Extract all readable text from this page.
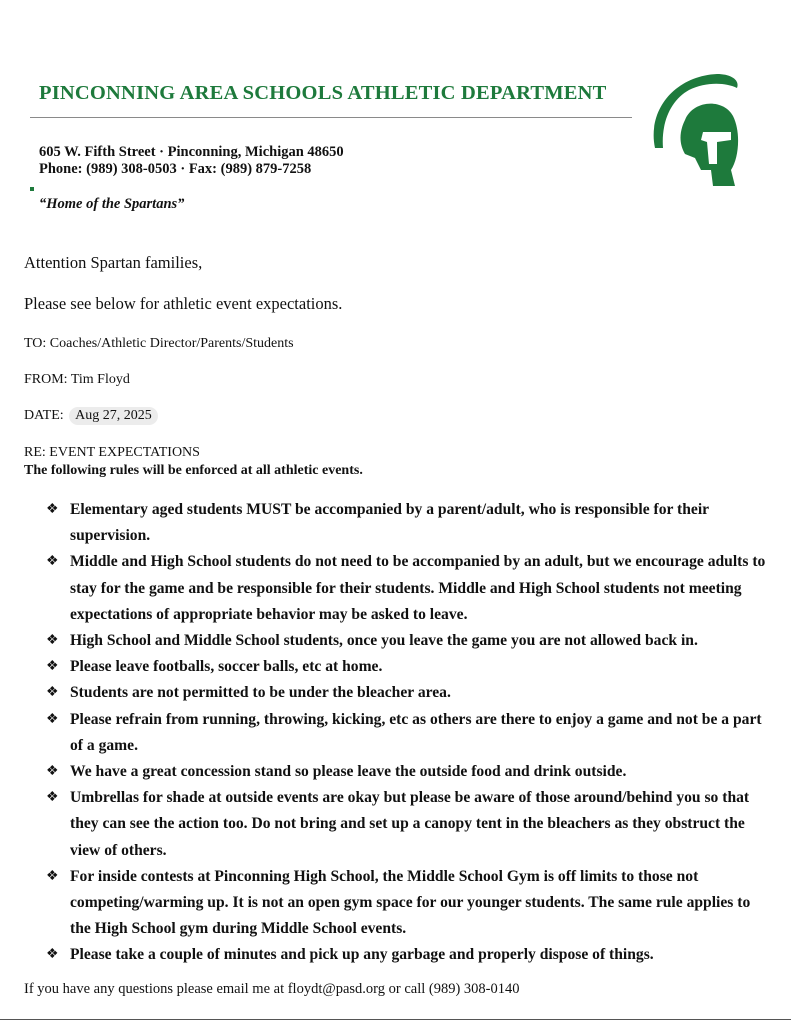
PINCONNING AREA SCHOOLS ATHLETIC DEPARTMENT
605 W. Fifth Street · Pinconning, Michigan 48650
Phone: (989) 308-0503 · Fax: (989) 879-7258
“Home of the Spartans”
Attention Spartan families,
Please see below for athletic event expectations.
TO: Coaches/Athletic Director/Parents/Students
FROM: Tim Floyd
DATE: Aug 27, 2025
RE: EVENT EXPECTATIONS
The following rules will be enforced at all athletic events.
❖ Elementary aged students MUST be accompanied by a parent/adult, who is responsible for their supervision.
❖ Middle and High School students do not need to be accompanied by an adult, but we encourage adults to stay for the game and be responsible for their students. Middle and High School students not meeting expectations of appropriate behavior may be asked to leave.
❖ High School and Middle School students, once you leave the game you are not allowed back in.
❖ Please leave footballs, soccer balls, etc at home.
❖ Students are not permitted to be under the bleacher area.
❖ Please refrain from running, throwing, kicking, etc as others are there to enjoy a game and not be a part of a game.
❖ We have a great concession stand so please leave the outside food and drink outside.
❖ Umbrellas for shade at outside events are okay but please be aware of those around/behind you so that they can see the action too. Do not bring and set up a canopy tent in the bleachers as they obstruct the view of others.
❖ For inside contests at Pinconning High School, the Middle School Gym is off limits to those not competing/warming up. It is not an open gym space for our younger students. The same rule applies to the High School gym during Middle School events.
❖ Please take a couple of minutes and pick up any garbage and properly dispose of things.
If you have any questions please email me at floydt@pasd.org or call (989) 308-0140
